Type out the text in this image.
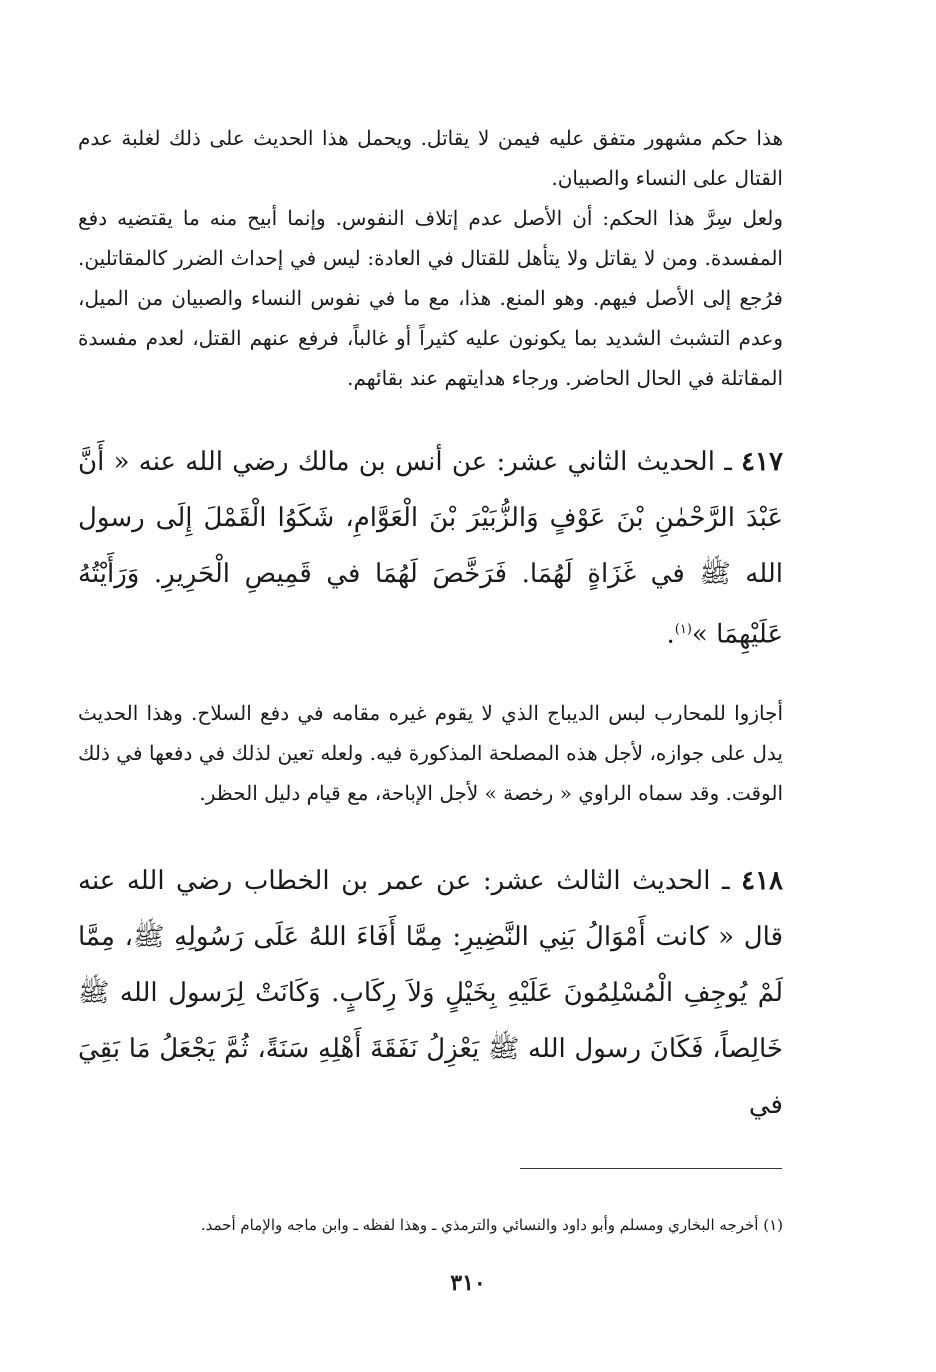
هذا حكم مشهور متفق عليه فيمن لا يقاتل. ويحمل هذا الحديث على ذلك لغلبة عدم القتال على النساء والصبيان.

ولعل سِرَّ هذا الحكم: أن الأصل عدم إتلاف النفوس. وإنما أبيح منه ما يقتضيه دفع المفسدة. ومن لا يقاتل ولا يتأهل للقتال في العادة: ليس في إحداث الضرر كالمقاتلين. فرُجع إلى الأصل فيهم. وهو المنع. هذا، مع ما في نفوس النساء والصبيان من الميل، وعدم التشبث الشديد بما يكونون عليه كثيراً أو غالباً، فرفع عنهم القتل، لعدم مفسدة المقاتلة في الحال الحاضر. ورجاء هدايتهم عند بقائهم.

٤١٧ ـ الحديث الثاني عشر: عن أنس بن مالك رضي الله عنه « أَنَّ عَبْدَ الرَّحْمٰنِ بْنَ عَوْفٍ وَالزُّبَيْرَ بْنَ الْعَوَّامِ، شَكَوُا الْقَمْلَ إِلَى رسول الله ﷺ في غَزَاةٍ لَهُمَا. فَرَخَّصَ لَهُمَا في قَمِيصِ الْحَرِيرِ. وَرَأَيْتُهُ عَلَيْهِمَا »$^{(١)}$.

أجازوا للمحارب لبس الديباج الذي لا يقوم غيره مقامه في دفع السلاح. وهذا الحديث يدل على جوازه، لأجل هذه المصلحة المذكورة فيه. ولعله تعين لذلك في دفعها في ذلك الوقت. وقد سماه الراوي « رخصة » لأجل الإباحة، مع قيام دليل الحظر.

٤١٨ ـ الحديث الثالث عشر: عن عمر بن الخطاب رضي الله عنه قال « كانت أَمْوَالُ بَنِي النَّضِيرِ: مِمَّا أَفَاءَ اللهُ عَلَى رَسُولِهِ ﷺ، مِمَّا لَمْ يُوجِفِ الْمُسْلِمُونَ عَلَيْهِ بِخَيْلٍ وَلاَ رِكَابٍ. وَكَانَتْ لِرَسول الله ﷺ خَالِصاً، فَكَانَ رسول الله ﷺ يَعْزِلُ نَفَقَةَ أَهْلِهِ سَنَةً، ثُمَّ يَجْعَلُ مَا بَقِيَ في

(١) أخرجه البخاري ومسلم وأبو داود والنسائي والترمذي ـ وهذا لفظه ـ وابن ماجه والإمام أحمد.

٣١٠
